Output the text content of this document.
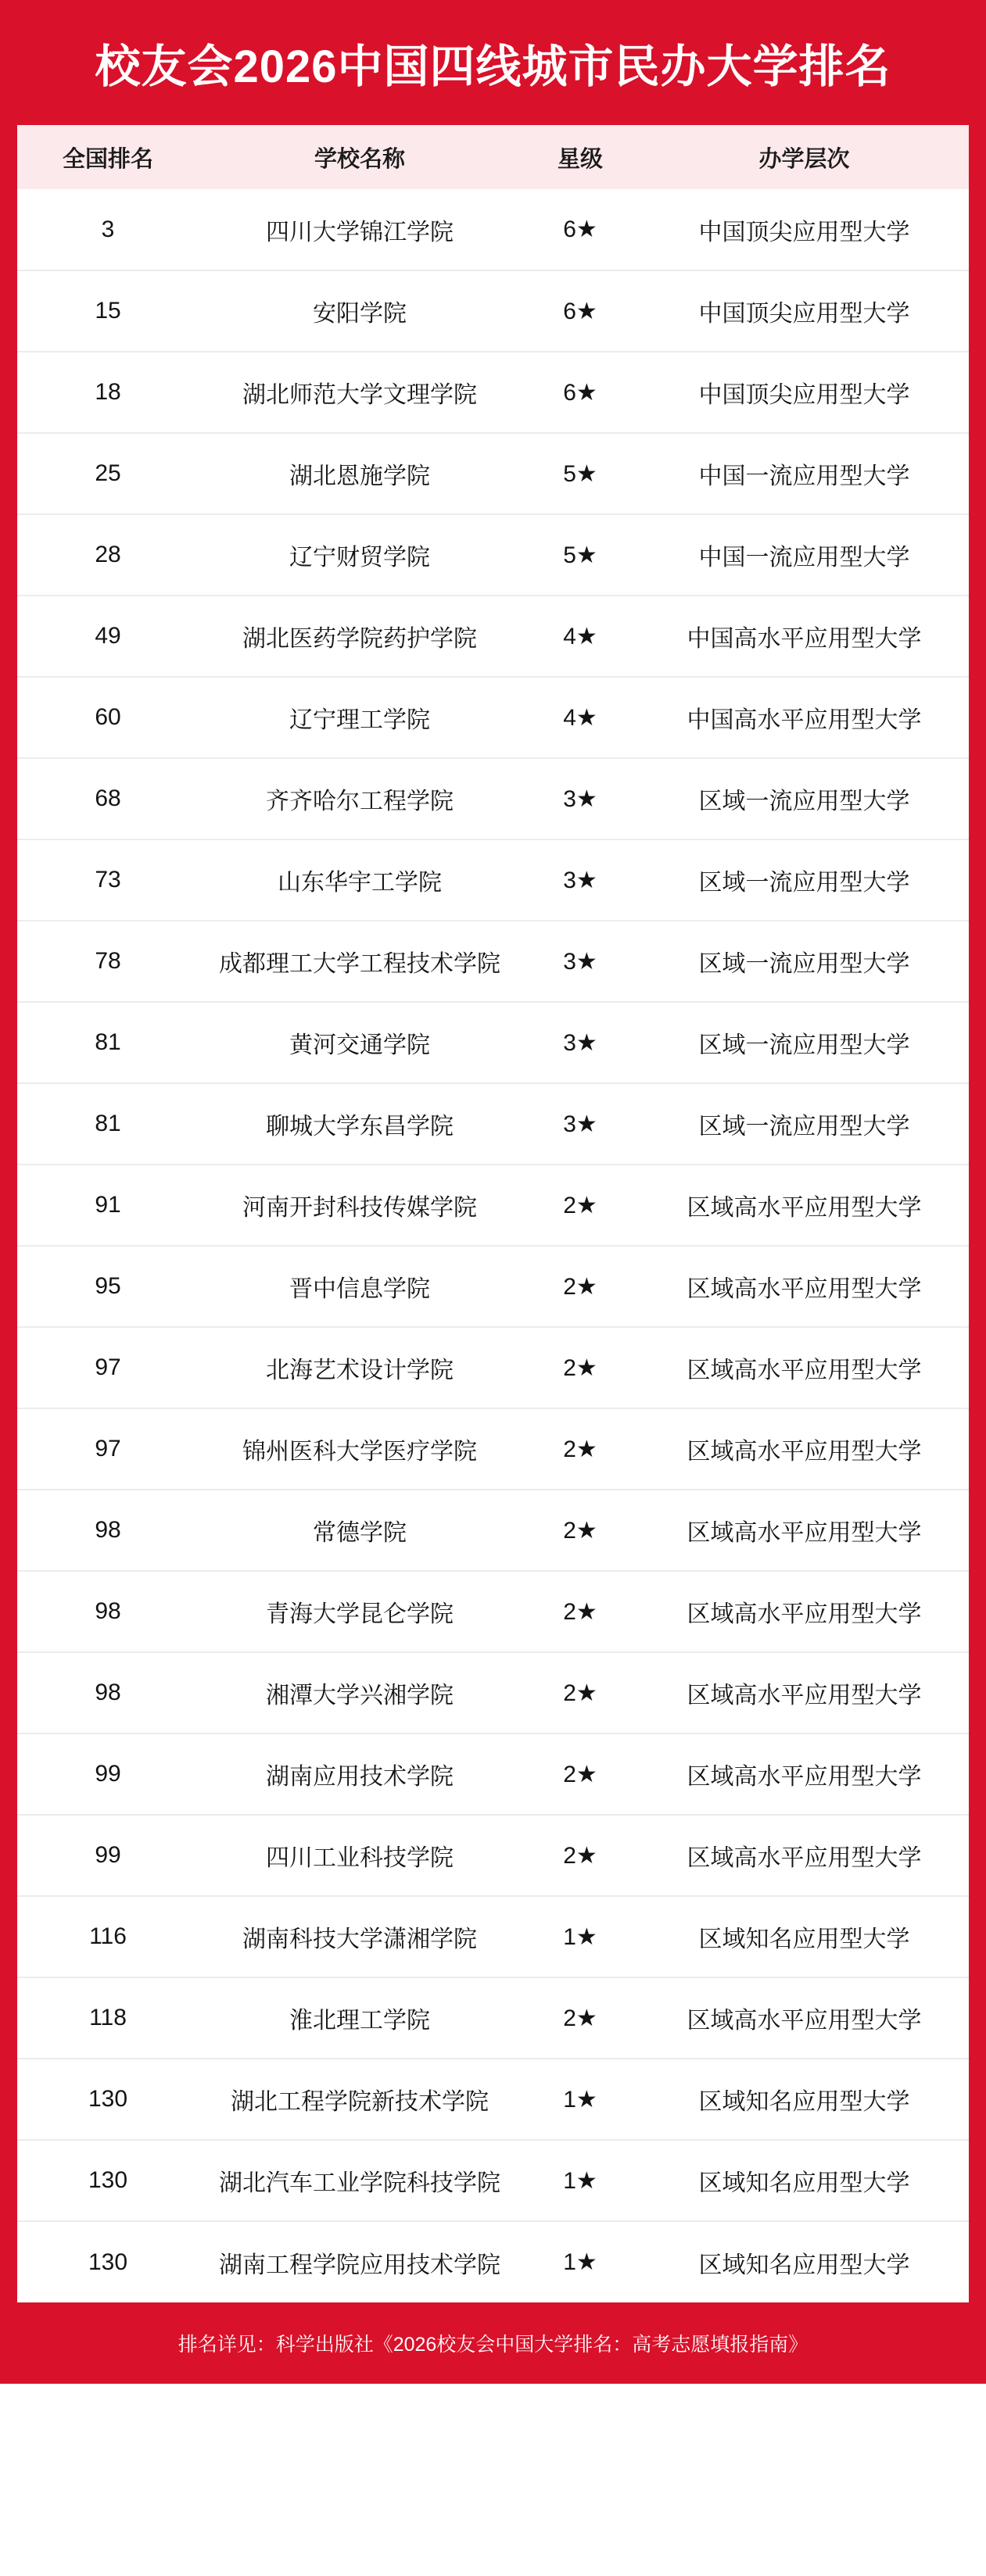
校友会2026中国四线城市民办大学排名
全国排名	学校名称	星级	办学层次
3	四川大学锦江学院	6★	中国顶尖应用型大学
15	安阳学院	6★	中国顶尖应用型大学
18	湖北师范大学文理学院	6★	中国顶尖应用型大学
25	湖北恩施学院	5★	中国一流应用型大学
28	辽宁财贸学院	5★	中国一流应用型大学
49	湖北医药学院药护学院	4★	中国高水平应用型大学
60	辽宁理工学院	4★	中国高水平应用型大学
68	齐齐哈尔工程学院	3★	区域一流应用型大学
73	山东华宇工学院	3★	区域一流应用型大学
78	成都理工大学工程技术学院	3★	区域一流应用型大学
81	黄河交通学院	3★	区域一流应用型大学
81	聊城大学东昌学院	3★	区域一流应用型大学
91	河南开封科技传媒学院	2★	区域高水平应用型大学
95	晋中信息学院	2★	区域高水平应用型大学
97	北海艺术设计学院	2★	区域高水平应用型大学
97	锦州医科大学医疗学院	2★	区域高水平应用型大学
98	常德学院	2★	区域高水平应用型大学
98	青海大学昆仑学院	2★	区域高水平应用型大学
98	湘潭大学兴湘学院	2★	区域高水平应用型大学
99	湖南应用技术学院	2★	区域高水平应用型大学
99	四川工业科技学院	2★	区域高水平应用型大学
116	湖南科技大学潇湘学院	1★	区域知名应用型大学
118	淮北理工学院	2★	区域高水平应用型大学
130	湖北工程学院新技术学院	1★	区域知名应用型大学
130	湖北汽车工业学院科技学院	1★	区域知名应用型大学
130	湖南工程学院应用技术学院	1★	区域知名应用型大学
排名详见：科学出版社《2026校友会中国大学排名：高考志愿填报指南》
